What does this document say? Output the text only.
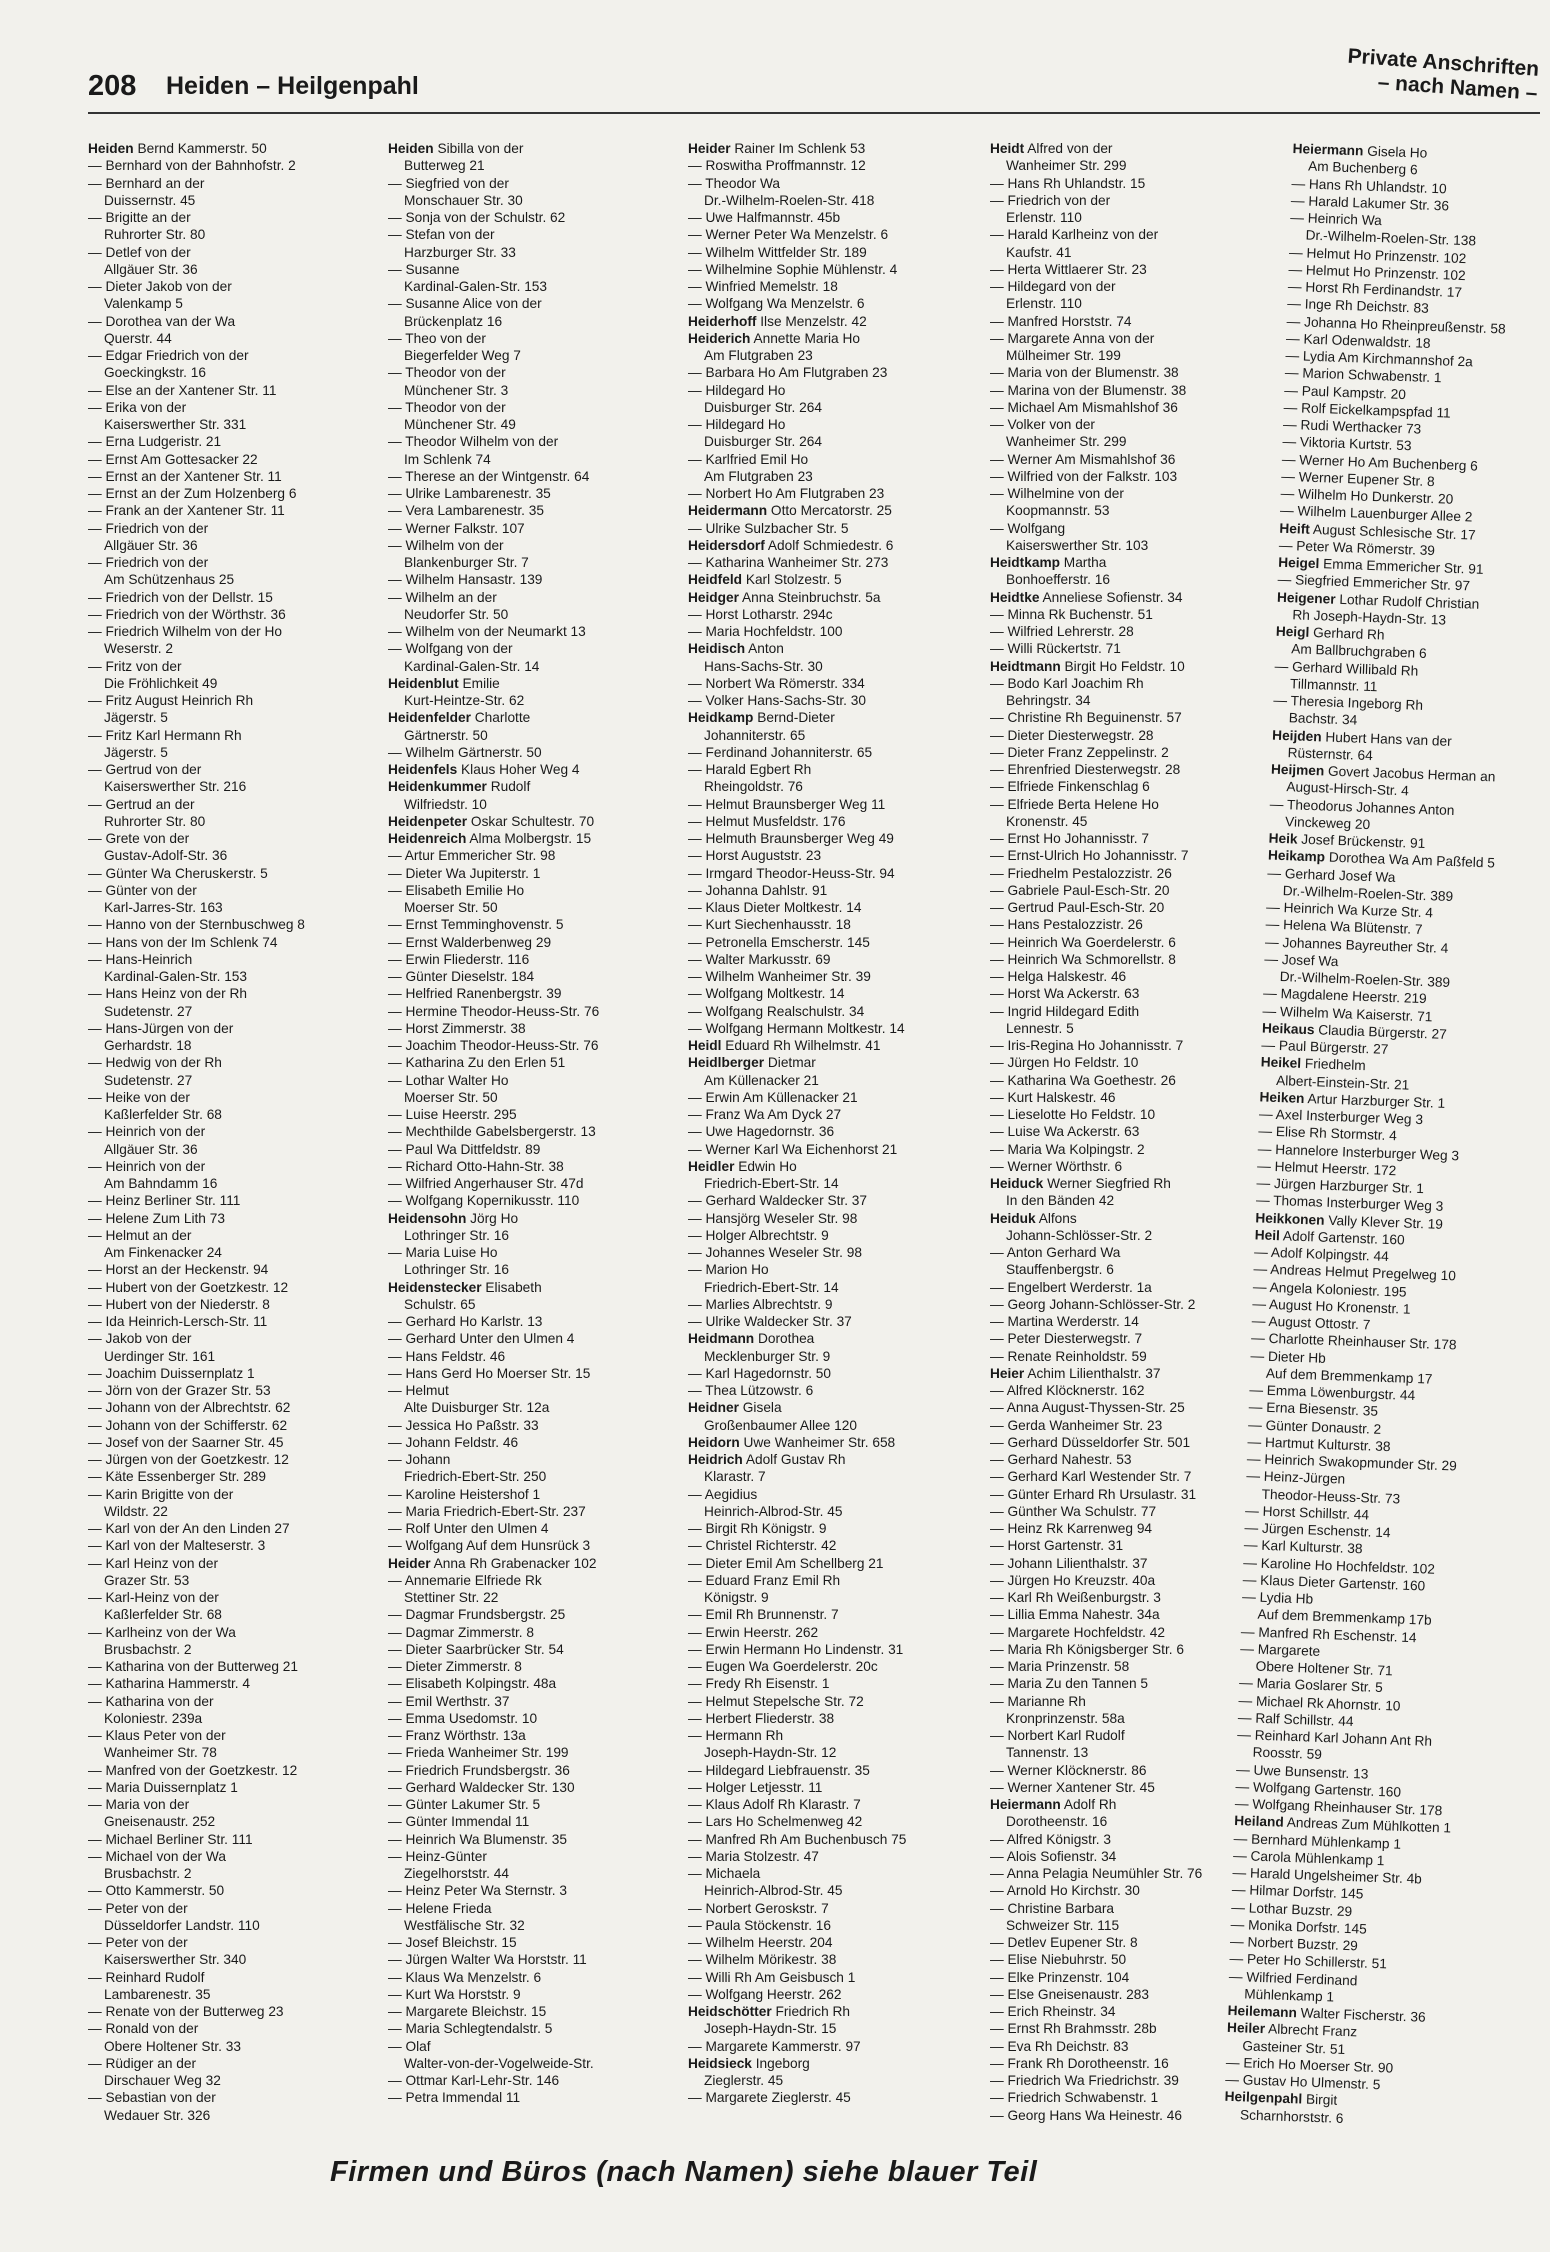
208 Heiden – Heilgenpahl
Private Anschriften
– nach Namen –
Heiden Bernd Kammerstr. 50
— Bernhard von der Bahnhofstr. 2
— Bernhard an der
Duissernstr. 45
— Brigitte an der
Ruhrorter Str. 80
— Detlef von der
Allgäuer Str. 36
— Dieter Jakob von der
Valenkamp 5
— Dorothea van der Wa
Querstr. 44
— Edgar Friedrich von der
Goeckingkstr. 16
— Else an der Xantener Str. 11
— Erika von der
Kaiserswerther Str. 331
— Erna Ludgeristr. 21
— Ernst Am Gottesacker 22
— Ernst an der Xantener Str. 11
— Ernst an der Zum Holzenberg 6
— Frank an der Xantener Str. 11
— Friedrich von der
Allgäuer Str. 36
— Friedrich von der
Am Schützenhaus 25
— Friedrich von der Dellstr. 15
— Friedrich von der Wörthstr. 36
— Friedrich Wilhelm von der Ho
Weserstr. 2
— Fritz von der
Die Fröhlichkeit 49
— Fritz August Heinrich Rh
Jägerstr. 5
— Fritz Karl Hermann Rh
Jägerstr. 5
— Gertrud von der
Kaiserswerther Str. 216
— Gertrud an der
Ruhrorter Str. 80
— Grete von der
Gustav-Adolf-Str. 36
— Günter Wa Cheruskerstr. 5
— Günter von der
Karl-Jarres-Str. 163
— Hanno von der Sternbuschweg 8
— Hans von der Im Schlenk 74
— Hans-Heinrich
Kardinal-Galen-Str. 153
— Hans Heinz von der Rh
Sudetenstr. 27
— Hans-Jürgen von der
Gerhardstr. 18
— Hedwig von der Rh
Sudetenstr. 27
— Heike von der
Kaßlerfelder Str. 68
— Heinrich von der
Allgäuer Str. 36
— Heinrich von der
Am Bahndamm 16
— Heinz Berliner Str. 111
— Helene Zum Lith 73
— Helmut an der
Am Finkenacker 24
— Horst an der Heckenstr. 94
— Hubert von der Goetzkestr. 12
— Hubert von der Niederstr. 8
— Ida Heinrich-Lersch-Str. 11
— Jakob von der
Uerdinger Str. 161
— Joachim Duissernplatz 1
— Jörn von der Grazer Str. 53
— Johann von der Albrechtstr. 62
— Johann von der Schifferstr. 62
— Josef von der Saarner Str. 45
— Jürgen von der Goetzkestr. 12
— Käte Essenberger Str. 289
— Karin Brigitte von der
Wildstr. 22
— Karl von der An den Linden 27
— Karl von der Malteserstr. 3
— Karl Heinz von der
Grazer Str. 53
— Karl-Heinz von der
Kaßlerfelder Str. 68
— Karlheinz von der Wa
Brusbachstr. 2
— Katharina von der Butterweg 21
— Katharina Hammerstr. 4
— Katharina von der
Koloniestr. 239a
— Klaus Peter von der
Wanheimer Str. 78
— Manfred von der Goetzkestr. 12
— Maria Duissernplatz 1
— Maria von der
Gneisenaustr. 252
— Michael Berliner Str. 111
— Michael von der Wa
Brusbachstr. 2
— Otto Kammerstr. 50
— Peter von der
Düsseldorfer Landstr. 110
— Peter von der
Kaiserswerther Str. 340
— Reinhard Rudolf
Lambarenestr. 35
— Renate von der Butterweg 23
— Ronald von der
Obere Holtener Str. 33
— Rüdiger an der
Dirschauer Weg 32
— Sebastian von der
Wedauer Str. 326
Heiden Sibilla von der
Butterweg 21
— Siegfried von der
Monschauer Str. 30
— Sonja von der Schulstr. 62
— Stefan von der
Harzburger Str. 33
— Susanne
Kardinal-Galen-Str. 153
— Susanne Alice von der
Brückenplatz 16
— Theo von der
Biegerfelder Weg 7
— Theodor von der
Münchener Str. 3
— Theodor von der
Münchener Str. 49
— Theodor Wilhelm von der
Im Schlenk 74
— Therese an der Wintgenstr. 64
— Ulrike Lambarenestr. 35
— Vera Lambarenestr. 35
— Werner Falkstr. 107
— Wilhelm von der
Blankenburger Str. 7
— Wilhelm Hansastr. 139
— Wilhelm an der
Neudorfer Str. 50
— Wilhelm von der Neumarkt 13
— Wolfgang von der
Kardinal-Galen-Str. 14
Heidenblut Emilie
Kurt-Heintze-Str. 62
Heidenfelder Charlotte
Gärtnerstr. 50
— Wilhelm Gärtnerstr. 50
Heidenfels Klaus Hoher Weg 4
Heidenkummer Rudolf
Wilfriedstr. 10
Heidenpeter Oskar Schultestr. 70
Heidenreich Alma Molbergstr. 15
— Artur Emmericher Str. 98
— Dieter Wa Jupiterstr. 1
— Elisabeth Emilie Ho
Moerser Str. 50
— Ernst Temminghovenstr. 5
— Ernst Walderbenweg 29
— Erwin Fliederstr. 116
— Günter Dieselstr. 184
— Helfried Ranenbergstr. 39
— Hermine Theodor-Heuss-Str. 76
— Horst Zimmerstr. 38
— Joachim Theodor-Heuss-Str. 76
— Katharina Zu den Erlen 51
— Lothar Walter Ho
Moerser Str. 50
— Luise Heerstr. 295
— Mechthilde Gabelsbergerstr. 13
— Paul Wa Dittfeldstr. 89
— Richard Otto-Hahn-Str. 38
— Wilfried Angerhauser Str. 47d
— Wolfgang Kopernikusstr. 110
Heidensohn Jörg Ho
Lothringer Str. 16
— Maria Luise Ho
Lothringer Str. 16
Heidenstecker Elisabeth
Schulstr. 65
— Gerhard Ho Karlstr. 13
— Gerhard Unter den Ulmen 4
— Hans Feldstr. 46
— Hans Gerd Ho Moerser Str. 15
— Helmut
Alte Duisburger Str. 12a
— Jessica Ho Paßstr. 33
— Johann Feldstr. 46
— Johann
Friedrich-Ebert-Str. 250
— Karoline Heistershof 1
— Maria Friedrich-Ebert-Str. 237
— Rolf Unter den Ulmen 4
— Wolfgang Auf dem Hunsrück 3
Heider Anna Rh Grabenacker 102
— Annemarie Elfriede Rk
Stettiner Str. 22
— Dagmar Frundsbergstr. 25
— Dagmar Zimmerstr. 8
— Dieter Saarbrücker Str. 54
— Dieter Zimmerstr. 8
— Elisabeth Kolpingstr. 48a
— Emil Werthstr. 37
— Emma Usedomstr. 10
— Franz Wörthstr. 13a
— Frieda Wanheimer Str. 199
— Friedrich Frundsbergstr. 36
— Gerhard Waldecker Str. 130
— Günter Lakumer Str. 5
— Günter Immendal 11
— Heinrich Wa Blumenstr. 35
— Heinz-Günter
Ziegelhorststr. 44
— Heinz Peter Wa Sternstr. 3
— Helene Frieda
Westfälische Str. 32
— Josef Bleichstr. 15
— Jürgen Walter Wa Horststr. 11
— Klaus Wa Menzelstr. 6
— Kurt Wa Horststr. 9
— Margarete Bleichstr. 15
— Maria Schlegtendalstr. 5
— Olaf
Walter-von-der-Vogelweide-Str.
— Ottmar Karl-Lehr-Str. 146
— Petra Immendal 11
Heider Rainer Im Schlenk 53
— Roswitha Proffmannstr. 12
— Theodor Wa
Dr.-Wilhelm-Roelen-Str. 418
— Uwe Halfmannstr. 45b
— Werner Peter Wa Menzelstr. 6
— Wilhelm Wittfelder Str. 189
— Wilhelmine Sophie Mühlenstr. 4
— Winfried Memelstr. 18
— Wolfgang Wa Menzelstr. 6
Heiderhoff Ilse Menzelstr. 42
Heiderich Annette Maria Ho
Am Flutgraben 23
— Barbara Ho Am Flutgraben 23
— Hildegard Ho
Duisburger Str. 264
— Hildegard Ho
Duisburger Str. 264
— Karlfried Emil Ho
Am Flutgraben 23
— Norbert Ho Am Flutgraben 23
Heidermann Otto Mercatorstr. 25
— Ulrike Sulzbacher Str. 5
Heidersdorf Adolf Schmiedestr. 6
— Katharina Wanheimer Str. 273
Heidfeld Karl Stolzestr. 5
Heidger Anna Steinbruchstr. 5a
— Horst Lotharstr. 294c
— Maria Hochfeldstr. 100
Heidisch Anton
Hans-Sachs-Str. 30
— Norbert Wa Römerstr. 334
— Volker Hans-Sachs-Str. 30
Heidkamp Bernd-Dieter
Johanniterstr. 65
— Ferdinand Johanniterstr. 65
— Harald Egbert Rh
Rheingoldstr. 76
— Helmut Braunsberger Weg 11
— Helmut Musfeldstr. 176
— Helmuth Braunsberger Weg 49
— Horst Auguststr. 23
— Irmgard Theodor-Heuss-Str. 94
— Johanna Dahlstr. 91
— Klaus Dieter Moltkestr. 14
— Kurt Siechenhausstr. 18
— Petronella Emscherstr. 145
— Walter Markusstr. 69
— Wilhelm Wanheimer Str. 39
— Wolfgang Moltkestr. 14
— Wolfgang Realschulstr. 34
— Wolfgang Hermann Moltkestr. 14
Heidl Eduard Rh Wilhelmstr. 41
Heidlberger Dietmar
Am Küllenacker 21
— Erwin Am Küllenacker 21
— Franz Wa Am Dyck 27
— Uwe Hagedornstr. 36
— Werner Karl Wa Eichenhorst 21
Heidler Edwin Ho
Friedrich-Ebert-Str. 14
— Gerhard Waldecker Str. 37
— Hansjörg Weseler Str. 98
— Holger Albrechtstr. 9
— Johannes Weseler Str. 98
— Marion Ho
Friedrich-Ebert-Str. 14
— Marlies Albrechtstr. 9
— Ulrike Waldecker Str. 37
Heidmann Dorothea
Mecklenburger Str. 9
— Karl Hagedornstr. 50
— Thea Lützowstr. 6
Heidner Gisela
Großenbaumer Allee 120
Heidorn Uwe Wanheimer Str. 658
Heidrich Adolf Gustav Rh
Klarastr. 7
— Aegidius
Heinrich-Albrod-Str. 45
— Birgit Rh Königstr. 9
— Christel Richterstr. 42
— Dieter Emil Am Schellberg 21
— Eduard Franz Emil Rh
Königstr. 9
— Emil Rh Brunnenstr. 7
— Erwin Heerstr. 262
— Erwin Hermann Ho Lindenstr. 31
— Eugen Wa Goerdelerstr. 20c
— Fredy Rh Eisenstr. 1
— Helmut Stepelsche Str. 72
— Herbert Fliederstr. 38
— Hermann Rh
Joseph-Haydn-Str. 12
— Hildegard Liebfrauenstr. 35
— Holger Letjesstr. 11
— Klaus Adolf Rh Klarastr. 7
— Lars Ho Schelmenweg 42
— Manfred Rh Am Buchenbusch 75
— Maria Stolzestr. 47
— Michaela
Heinrich-Albrod-Str. 45
— Norbert Geroskstr. 7
— Paula Stöckenstr. 16
— Wilhelm Heerstr. 204
— Wilhelm Mörikestr. 38
— Willi Rh Am Geisbusch 1
— Wolfgang Heerstr. 262
Heidschötter Friedrich Rh
Joseph-Haydn-Str. 15
— Margarete Kammerstr. 97
Heidsieck Ingeborg
Zieglerstr. 45
— Margarete Zieglerstr. 45
Heidt Alfred von der
Wanheimer Str. 299
— Hans Rh Uhlandstr. 15
— Friedrich von der
Erlenstr. 110
— Harald Karlheinz von der
Kaufstr. 41
— Herta Wittlaerer Str. 23
— Hildegard von der
Erlenstr. 110
— Manfred Horststr. 74
— Margarete Anna von der
Mülheimer Str. 199
— Maria von der Blumenstr. 38
— Marina von der Blumenstr. 38
— Michael Am Mismahlshof 36
— Volker von der
Wanheimer Str. 299
— Werner Am Mismahlshof 36
— Wilfried von der Falkstr. 103
— Wilhelmine von der
Koopmannstr. 53
— Wolfgang
Kaiserswerther Str. 103
Heidtkamp Martha
Bonhoefferstr. 16
Heidtke Anneliese Sofienstr. 34
— Minna Rk Buchenstr. 51
— Wilfried Lehrerstr. 28
— Willi Rückertstr. 71
Heidtmann Birgit Ho Feldstr. 10
— Bodo Karl Joachim Rh
Behringstr. 34
— Christine Rh Beguinenstr. 57
— Dieter Diesterwegstr. 28
— Dieter Franz Zeppelinstr. 2
— Ehrenfried Diesterwegstr. 28
— Elfriede Finkenschlag 6
— Elfriede Berta Helene Ho
Kronenstr. 45
— Ernst Ho Johannisstr. 7
— Ernst-Ulrich Ho Johannisstr. 7
— Friedhelm Pestalozzistr. 26
— Gabriele Paul-Esch-Str. 20
— Gertrud Paul-Esch-Str. 20
— Hans Pestalozzistr. 26
— Heinrich Wa Goerdelerstr. 6
— Heinrich Wa Schmorellstr. 8
— Helga Halskestr. 46
— Horst Wa Ackerstr. 63
— Ingrid Hildegard Edith
Lennestr. 5
— Iris-Regina Ho Johannisstr. 7
— Jürgen Ho Feldstr. 10
— Katharina Wa Goethestr. 26
— Kurt Halskestr. 46
— Lieselotte Ho Feldstr. 10
— Luise Wa Ackerstr. 63
— Maria Wa Kolpingstr. 2
— Werner Wörthstr. 6
Heiduck Werner Siegfried Rh
In den Bänden 42
Heiduk Alfons
Johann-Schlösser-Str. 2
— Anton Gerhard Wa
Stauffenbergstr. 6
— Engelbert Werderstr. 1a
— Georg Johann-Schlösser-Str. 2
— Martina Werderstr. 14
— Peter Diesterwegstr. 7
— Renate Reinholdstr. 59
Heier Achim Lilienthalstr. 37
— Alfred Klöcknerstr. 162
— Anna August-Thyssen-Str. 25
— Gerda Wanheimer Str. 23
— Gerhard Düsseldorfer Str. 501
— Gerhard Nahestr. 53
— Gerhard Karl Westender Str. 7
— Günter Erhard Rh Ursulastr. 31
— Günther Wa Schulstr. 77
— Heinz Rk Karrenweg 94
— Horst Gartenstr. 31
— Johann Lilienthalstr. 37
— Jürgen Ho Kreuzstr. 40a
— Karl Rh Weißenburgstr. 3
— Lillia Emma Nahestr. 34a
— Margarete Hochfeldstr. 42
— Maria Rh Königsberger Str. 6
— Maria Prinzenstr. 58
— Maria Zu den Tannen 5
— Marianne Rh
Kronprinzenstr. 58a
— Norbert Karl Rudolf
Tannenstr. 13
— Werner Klöcknerstr. 86
— Werner Xantener Str. 45
Heiermann Adolf Rh
Dorotheenstr. 16
— Alfred Königstr. 3
— Alois Sofienstr. 34
— Anna Pelagia Neumühler Str. 76
— Arnold Ho Kirchstr. 30
— Christine Barbara
Schweizer Str. 115
— Detlev Eupener Str. 8
— Elise Niebuhrstr. 50
— Elke Prinzenstr. 104
— Else Gneisenaustr. 283
— Erich Rheinstr. 34
— Ernst Rh Brahmsstr. 28b
— Eva Rh Deichstr. 83
— Frank Rh Dorotheenstr. 16
— Friedrich Wa Friedrichstr. 39
— Friedrich Schwabenstr. 1
— Georg Hans Wa Heinestr. 46
Heiermann Gisela Ho
Am Buchenberg 6
— Hans Rh Uhlandstr. 10
— Harald Lakumer Str. 36
— Heinrich Wa
Dr.-Wilhelm-Roelen-Str. 138
— Helmut Ho Prinzenstr. 102
— Helmut Ho Prinzenstr. 102
— Horst Rh Ferdinandstr. 17
— Inge Rh Deichstr. 83
— Johanna Ho Rheinpreußenstr. 58
— Karl Odenwaldstr. 18
— Lydia Am Kirchmannshof 2a
— Marion Schwabenstr. 1
— Paul Kampstr. 20
— Rolf Eickelkampspfad 11
— Rudi Werthacker 73
— Viktoria Kurtstr. 53
— Werner Ho Am Buchenberg 6
— Werner Eupener Str. 8
— Wilhelm Ho Dunkerstr. 20
— Wilhelm Lauenburger Allee 2
Heift August Schlesische Str. 17
— Peter Wa Römerstr. 39
Heigel Emma Emmericher Str. 91
— Siegfried Emmericher Str. 97
Heigener Lothar Rudolf Christian
Rh Joseph-Haydn-Str. 13
Heigl Gerhard Rh
Am Ballbruchgraben 6
— Gerhard Willibald Rh
Tillmannstr. 11
— Theresia Ingeborg Rh
Bachstr. 34
Heijden Hubert Hans van der
Rüsternstr. 64
Heijmen Govert Jacobus Herman an
August-Hirsch-Str. 4
— Theodorus Johannes Anton
Vinckeweg 20
Heik Josef Brückenstr. 91
Heikamp Dorothea Wa Am Paßfeld 5
— Gerhard Josef Wa
Dr.-Wilhelm-Roelen-Str. 389
— Heinrich Wa Kurze Str. 4
— Helena Wa Blütenstr. 7
— Johannes Bayreuther Str. 4
— Josef Wa
Dr.-Wilhelm-Roelen-Str. 389
— Magdalene Heerstr. 219
— Wilhelm Wa Kaiserstr. 71
Heikaus Claudia Bürgerstr. 27
— Paul Bürgerstr. 27
Heikel Friedhelm
Albert-Einstein-Str. 21
Heiken Artur Harzburger Str. 1
— Axel Insterburger Weg 3
— Elise Rh Stormstr. 4
— Hannelore Insterburger Weg 3
— Helmut Heerstr. 172
— Jürgen Harzburger Str. 1
— Thomas Insterburger Weg 3
Heikkonen Vally Klever Str. 19
Heil Adolf Gartenstr. 160
— Adolf Kolpingstr. 44
— Andreas Helmut Pregelweg 10
— Angela Koloniestr. 195
— August Ho Kronenstr. 1
— August Ottostr. 7
— Charlotte Rheinhauser Str. 178
— Dieter Hb
Auf dem Bremmenkamp 17
— Emma Löwenburgstr. 44
— Erna Biesenstr. 35
— Günter Donaustr. 2
— Hartmut Kulturstr. 38
— Heinrich Swakopmunder Str. 29
— Heinz-Jürgen
Theodor-Heuss-Str. 73
— Horst Schillstr. 44
— Jürgen Eschenstr. 14
— Karl Kulturstr. 38
— Karoline Ho Hochfeldstr. 102
— Klaus Dieter Gartenstr. 160
— Lydia Hb
Auf dem Bremmenkamp 17b
— Manfred Rh Eschenstr. 14
— Margarete
Obere Holtener Str. 71
— Maria Goslarer Str. 5
— Michael Rk Ahornstr. 10
— Ralf Schillstr. 44
— Reinhard Karl Johann Ant Rh
Roosstr. 59
— Uwe Bunsenstr. 13
— Wolfgang Gartenstr. 160
— Wolfgang Rheinhauser Str. 178
Heiland Andreas Zum Mühlkotten 1
— Bernhard Mühlenkamp 1
— Carola Mühlenkamp 1
— Harald Ungelsheimer Str. 4b
— Hilmar Dorfstr. 145
— Lothar Buzstr. 29
— Monika Dorfstr. 145
— Norbert Buzstr. 29
— Peter Ho Schillerstr. 51
— Wilfried Ferdinand
Mühlenkamp 1
Heilemann Walter Fischerstr. 36
Heiler Albrecht Franz
Gasteiner Str. 51
— Erich Ho Moerser Str. 90
— Gustav Ho Ulmenstr. 5
Heilgenpahl Birgit
Scharnhorststr. 6
Firmen und Büros (nach Namen) siehe blauer Teil
